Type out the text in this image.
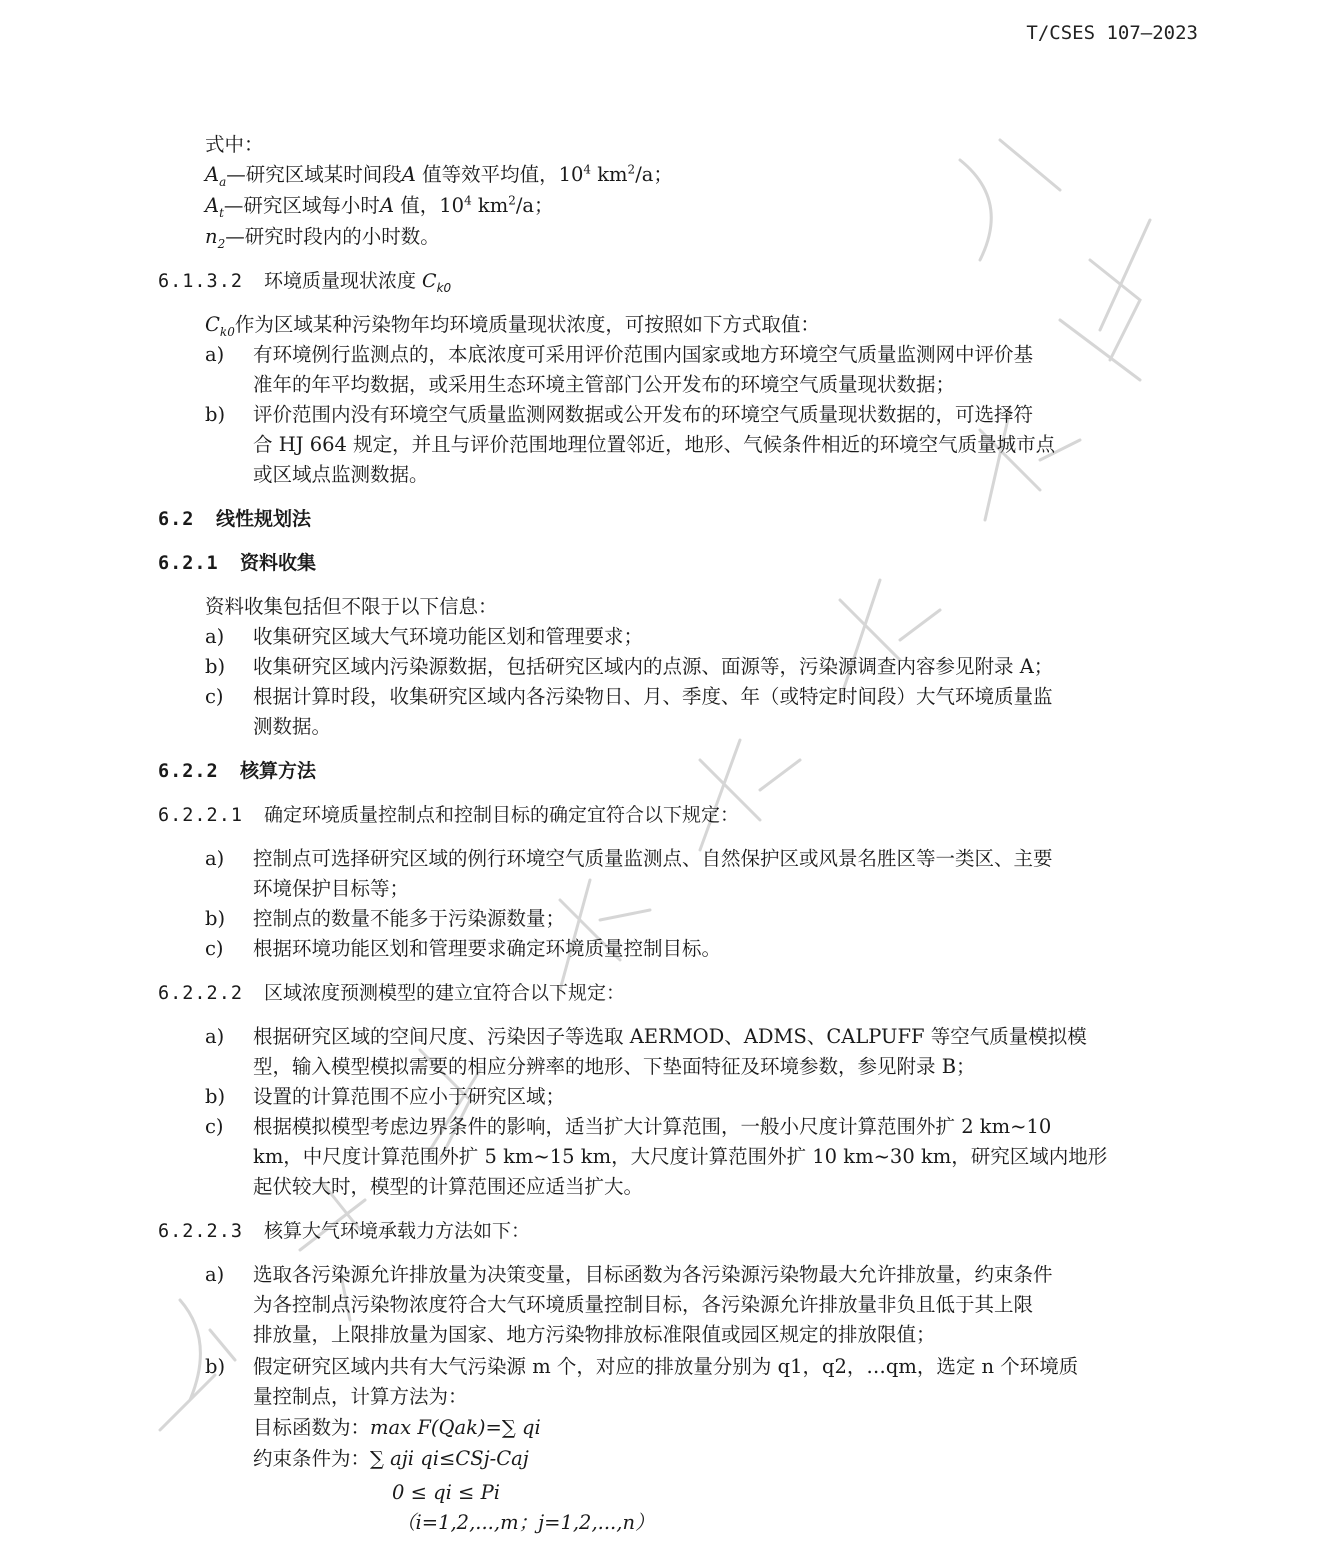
T/CSES 107—2023
式中：
$A_a—$研究区域某时间段A 值等效平均值，$10^4$ $km^2/a$；
$A_t—$研究区域每小时A 值，$10^4$ $km^2/a$；
$n_2—$研究时段内的小时数。
6.1.3.2 环境质量现状浓度 $C_{k0}$
$C_{k0}$作为区域某种污染物年均环境质量现状浓度，可按照如下方式取值：
a) 有环境例行监测点的，本底浓度可采用评价范围内国家或地方环境空气质量监测网中评价基
准年的年平均数据，或采用生态环境主管部门公开发布的环境空气质量现状数据；
b) 评价范围内没有环境空气质量监测网数据或公开发布的环境空气质量现状数据的，可选择符
合 HJ 664 规定，并且与评价范围地理位置邻近，地形、气候条件相近的环境空气质量城市点
或区域点监测数据。
6.2 线性规划法
6.2.1 资料收集
资料收集包括但不限于以下信息：
a) 收集研究区域大气环境功能区划和管理要求；
b) 收集研究区域内污染源数据，包括研究区域内的点源、面源等，污染源调查内容参见附录 A；
c) 根据计算时段，收集研究区域内各污染物日、月、季度、年（或特定时间段）大气环境质量监
测数据。
6.2.2 核算方法
6.2.2.1 确定环境质量控制点和控制目标的确定宜符合以下规定：
a) 控制点可选择研究区域的例行环境空气质量监测点、自然保护区或风景名胜区等一类区、主要
环境保护目标等；
b) 控制点的数量不能多于污染源数量；
c) 根据环境功能区划和管理要求确定环境质量控制目标。
6.2.2.2 区域浓度预测模型的建立宜符合以下规定：
a) 根据研究区域的空间尺度、污染因子等选取 AERMOD、ADMS、CALPUFF 等空气质量模拟模
型，输入模型模拟需要的相应分辨率的地形、下垫面特征及环境参数，参见附录 B；
b) 设置的计算范围不应小于研究区域；
c) 根据模拟模型考虑边界条件的影响，适当扩大计算范围，一般小尺度计算范围外扩 2 km~10
km，中尺度计算范围外扩 5 km~15 km，大尺度计算范围外扩 10 km~30 km，研究区域内地形
起伏较大时，模型的计算范围还应适当扩大。
6.2.2.3 核算大气环境承载力方法如下：
a) 选取各污染源允许排放量为决策变量，目标函数为各污染源污染物最大允许排放量，约束条件
为各控制点污染物浓度符合大气环境质量控制目标，各污染源允许排放量非负且低于其上限
排放量，上限排放量为国家、地方污染物排放标准限值或园区规定的排放限值；
b) 假定研究区域内共有大气污染源 m 个，对应的排放量分别为 q1，q2，…qm，选定 n 个环境质
量控制点，计算方法为：
目标函数为：max F(Qak)=∑ qi
约束条件为：∑ aji qi≤CSj-Caj
0 ≤ qi ≤ Pi
（i=1,2,...,m；j=1,2,...,n）
